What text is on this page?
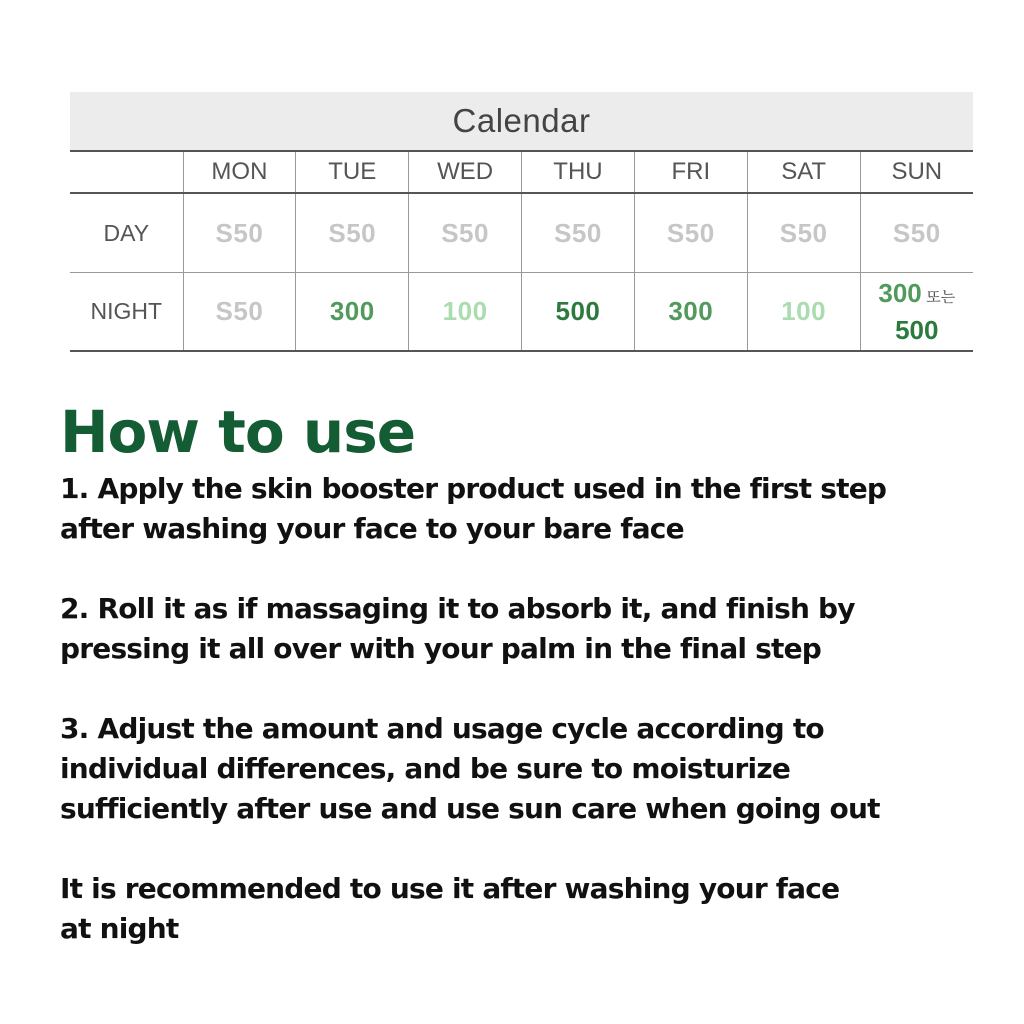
Calendar
	MON	TUE	WED	THU	FRI	SAT	SUN
DAY	S50	S50	S50	S50	S50	S50	S50
NIGHT	S50	300	100	500	300	100	300 또는
500
How to use

1. Apply the skin booster product used in the first step

after washing your face to your bare face

2. Roll it as if massaging it to absorb it, and finish by

pressing it all over with your palm in the final step

3. Adjust the amount and usage cycle according to

individual differences, and be sure to moisturize

sufficiently after use and use sun care when going out

It is recommended to use it after washing your face

at night
